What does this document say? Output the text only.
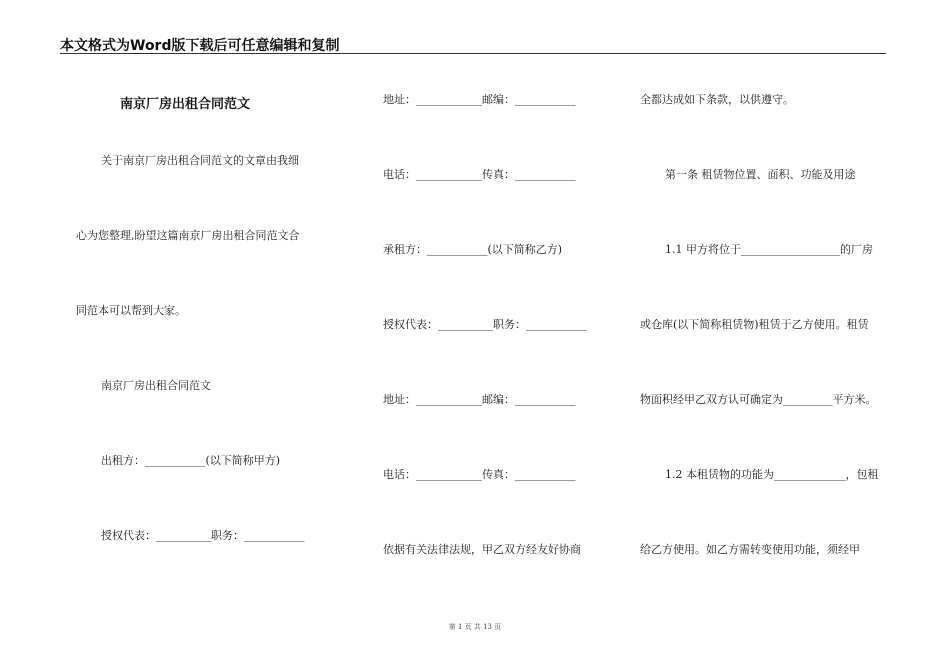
本文格式为Word版下载后可任意编辑和复制
南京厂房出租合同范文
关于南京厂房出租合同范文的文章由我细
心为您整理,盼望这篇南京厂房出租合同范文合
同范本可以帮到大家。
南京厂房出租合同范文
出租方：___________(以下简称甲方)
授权代表：__________职务：___________
地址：____________邮编：___________
电话：____________传真：___________
承租方：___________(以下简称乙方)
授权代表：__________职务：___________
地址：____________邮编：___________
电话：____________传真：___________
依据有关法律法规，甲乙双方经友好协商
全都达成如下条款，以供遵守。
第一条 租赁物位置、面积、功能及用途
1.1 甲方将位于__________________的厂房
或仓库(以下简称租赁物)租赁于乙方使用。租赁
物面积经甲乙双方认可确定为_________平方米。
1.2 本租赁物的功能为_____________，包租
给乙方使用。如乙方需转变使用功能，须经甲
第 1 页 共 13 页
